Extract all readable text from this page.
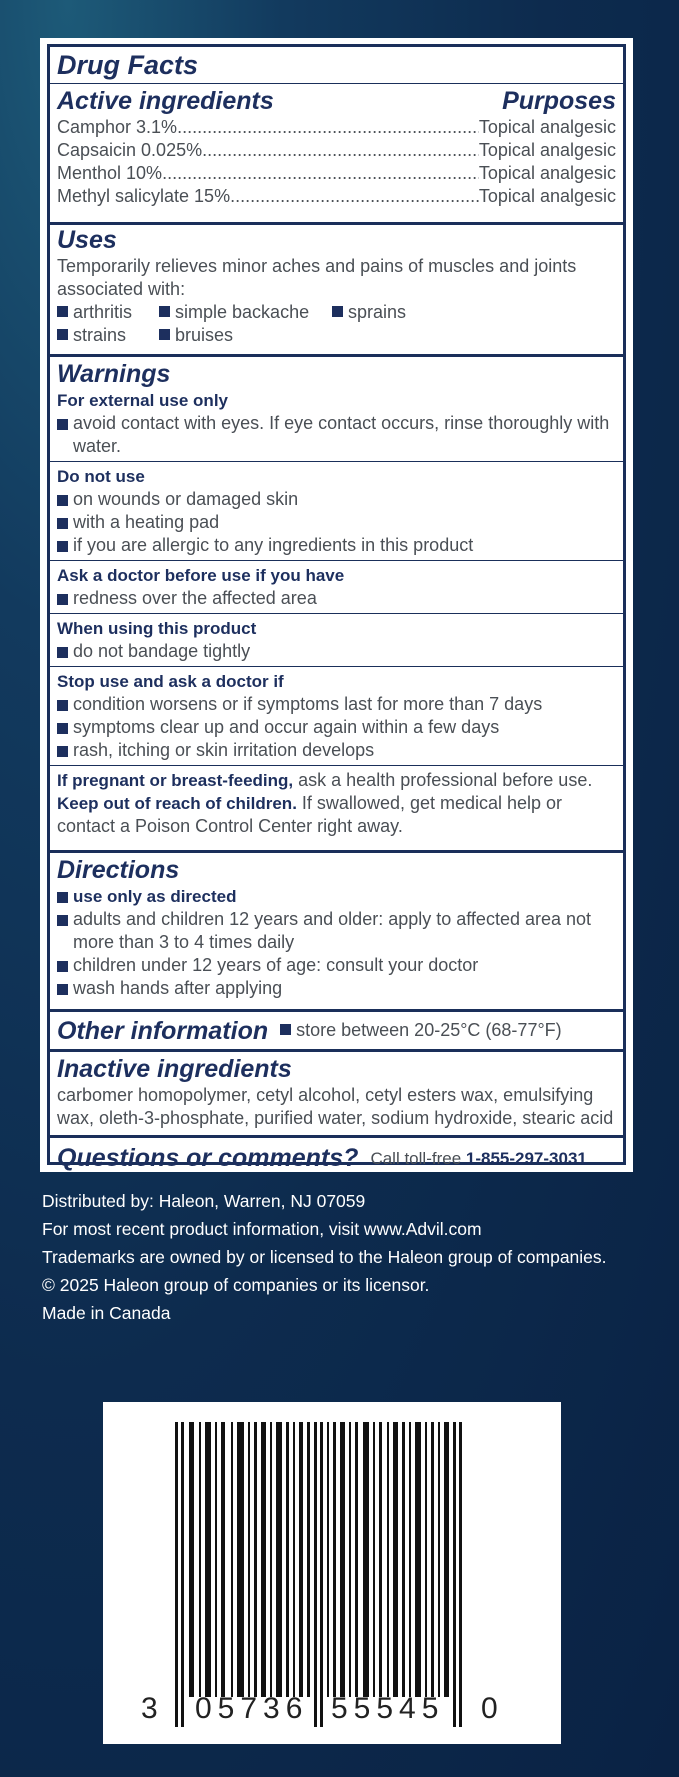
Drug Facts
Active ingredients	Purposes
Camphor 3.1% .....	Topical analgesic
Capsaicin 0.025% .....	Topical analgesic
Menthol 10% .....	Topical analgesic
Methyl salicylate 15% .....	Topical analgesic
Uses
Temporarily relieves minor aches and pains of muscles and joints associated with:
arthritis simple backache sprains
strains	bruises
Warnings
For external use only
avoid contact with eyes. If eye contact occurs, rinse thoroughly with water.
Do not use
on wounds or damaged skin
with a heating pad
if you are allergic to any ingredients in this product
Ask a doctor before use if you have
redness over the affected area
When using this product
do not bandage tightly
Stop use and ask a doctor if
condition worsens or if symptoms last for more than 7 days
symptoms clear up and occur again within a few days
rash, itching or skin irritation develops
If pregnant or breast-feeding, ask a health professional before use.
Keep out of reach of children. If swallowed, get medical help or contact a Poison Control Center right away.
Directions
use only as directed
adults and children 12 years and older: apply to affected area not more than 3 to 4 times daily
children under 12 years of age: consult your doctor
wash hands after applying
Other information	store between 20-25°C (68-77°F)
Inactive ingredients
carbomer homopolymer, cetyl alcohol, cetyl esters wax, emulsifying wax, oleth-3-phosphate, purified water, sodium hydroxide, stearic acid
Questions or comments? Call toll-free 1-855-297-3031
Distributed by: Haleon, Warren, NJ 07059
For most recent product information, visit www.Advil.com
Trademarks are owned by or licensed to the Haleon group of companies.
© 2025 Haleon group of companies or its licensor.
Made in Canada
3 05736 55545 0
